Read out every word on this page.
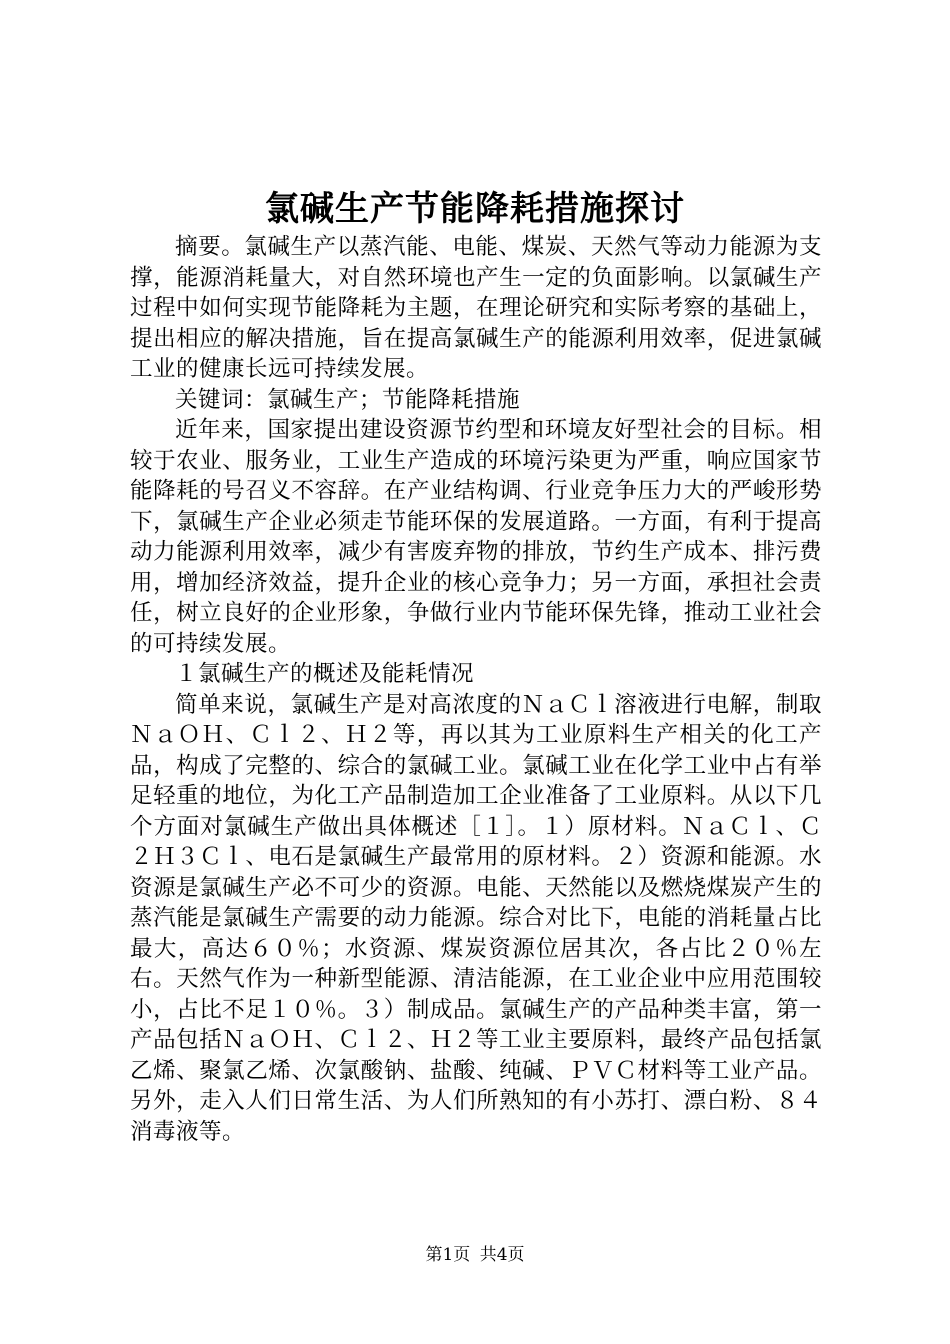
氯碱生产节能降耗措施探讨

摘要。氯碱生产以蒸汽能、电能、煤炭、天然气等动力能源为支撑，能源消耗量大，对自然环境也产生一定的负面影响。以氯碱生产过程中如何实现节能降耗为主题，在理论研究和实际考察的基础上，提出相应的解决措施，旨在提高氯碱生产的能源利用效率，促进氯碱工业的健康长远可持续发展。

关键词：氯碱生产；节能降耗措施

近年来，国家提出建设资源节约型和环境友好型社会的目标。相较于农业、服务业，工业生产造成的环境污染更为严重，响应国家节能降耗的号召义不容辞。在产业结构调、行业竞争压力大的严峻形势下，氯碱生产企业必须走节能环保的发展道路。一方面，有利于提高动力能源利用效率，减少有害废弃物的排放，节约生产成本、排污费用，增加经济效益，提升企业的核心竞争力；另一方面，承担社会责任，树立良好的企业形象，争做行业内节能环保先锋，推动工业社会的可持续发展。

１氯碱生产的概述及能耗情况

简单来说，氯碱生产是对高浓度的ＮａＣｌ溶液进行电解，制取ＮａＯＨ、Ｃｌ２、Ｈ２等，再以其为工业原料生产相关的化工产品，构成了完整的、综合的氯碱工业。氯碱工业在化学工业中占有举足轻重的地位，为化工产品制造加工企业准备了工业原料。从以下几个方面对氯碱生产做出具体概述［１］。１）原材料。ＮａＣｌ、Ｃ２Ｈ３Ｃｌ、电石是氯碱生产最常用的原材料。２）资源和能源。水资源是氯碱生产必不可少的资源。电能、天然能以及燃烧煤炭产生的蒸汽能是氯碱生产需要的动力能源。综合对比下，电能的消耗量占比最大，高达６０％；水资源、煤炭资源位居其次，各占比２０％左右。天然气作为一种新型能源、清洁能源，在工业企业中应用范围较小，占比不足１０％。３）制成品。氯碱生产的产品种类丰富，第一产品包括ＮａＯＨ、Ｃｌ２、Ｈ２等工业主要原料，最终产品包括氯乙烯、聚氯乙烯、次氯酸钠、盐酸、纯碱、ＰＶＣ材料等工业产品。另外，走入人们日常生活、为人们所熟知的有小苏打、漂白粉、８４消毒液等。

第1页 共4页
